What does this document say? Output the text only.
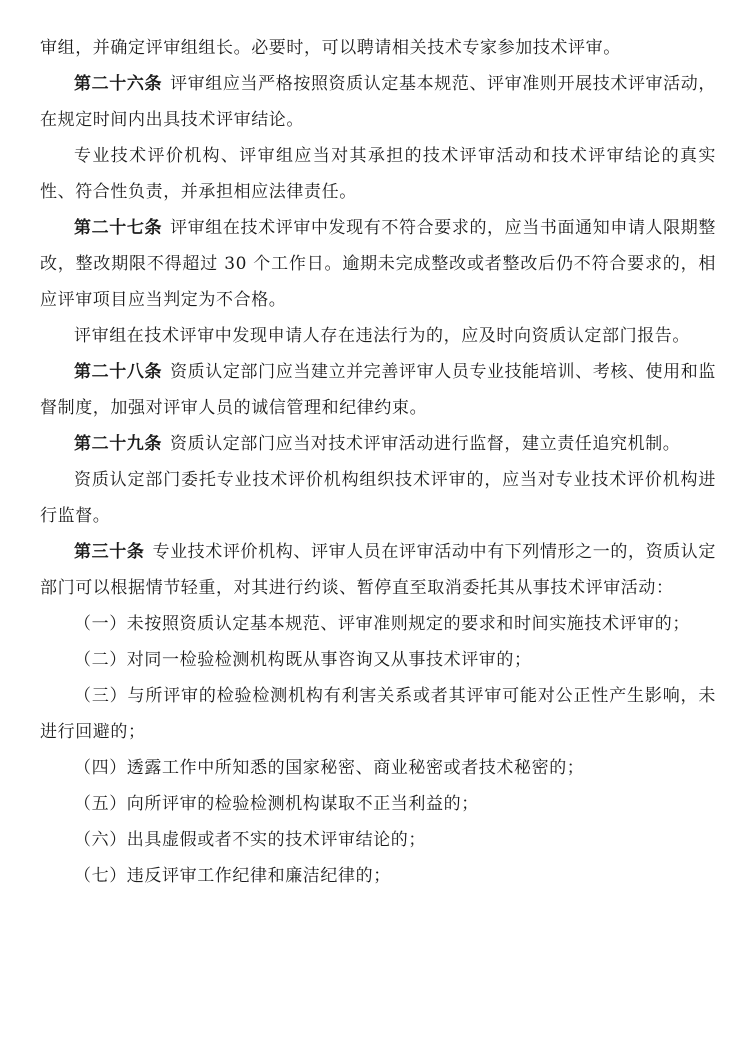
审组，并确定评审组组长。必要时，可以聘请相关技术专家参加技术评审。

第二十六条 评审组应当严格按照资质认定基本规范、评审准则开展技术评审活动，在规定时间内出具技术评审结论。

专业技术评价机构、评审组应当对其承担的技术评审活动和技术评审结论的真实性、符合性负责，并承担相应法律责任。

第二十七条 评审组在技术评审中发现有不符合要求的，应当书面通知申请人限期整改，整改期限不得超过 30 个工作日。逾期未完成整改或者整改后仍不符合要求的，相应评审项目应当判定为不合格。

评审组在技术评审中发现申请人存在违法行为的，应及时向资质认定部门报告。

第二十八条 资质认定部门应当建立并完善评审人员专业技能培训、考核、使用和监督制度，加强对评审人员的诚信管理和纪律约束。

第二十九条 资质认定部门应当对技术评审活动进行监督，建立责任追究机制。

资质认定部门委托专业技术评价机构组织技术评审的，应当对专业技术评价机构进行监督。

第三十条 专业技术评价机构、评审人员在评审活动中有下列情形之一的，资质认定部门可以根据情节轻重，对其进行约谈、暂停直至取消委托其从事技术评审活动：

（一）未按照资质认定基本规范、评审准则规定的要求和时间实施技术评审的；

（二）对同一检验检测机构既从事咨询又从事技术评审的；

（三）与所评审的检验检测机构有利害关系或者其评审可能对公正性产生影响，未进行回避的；

（四）透露工作中所知悉的国家秘密、商业秘密或者技术秘密的；

（五）向所评审的检验检测机构谋取不正当利益的；

（六）出具虚假或者不实的技术评审结论的；

（七）违反评审工作纪律和廉洁纪律的；
